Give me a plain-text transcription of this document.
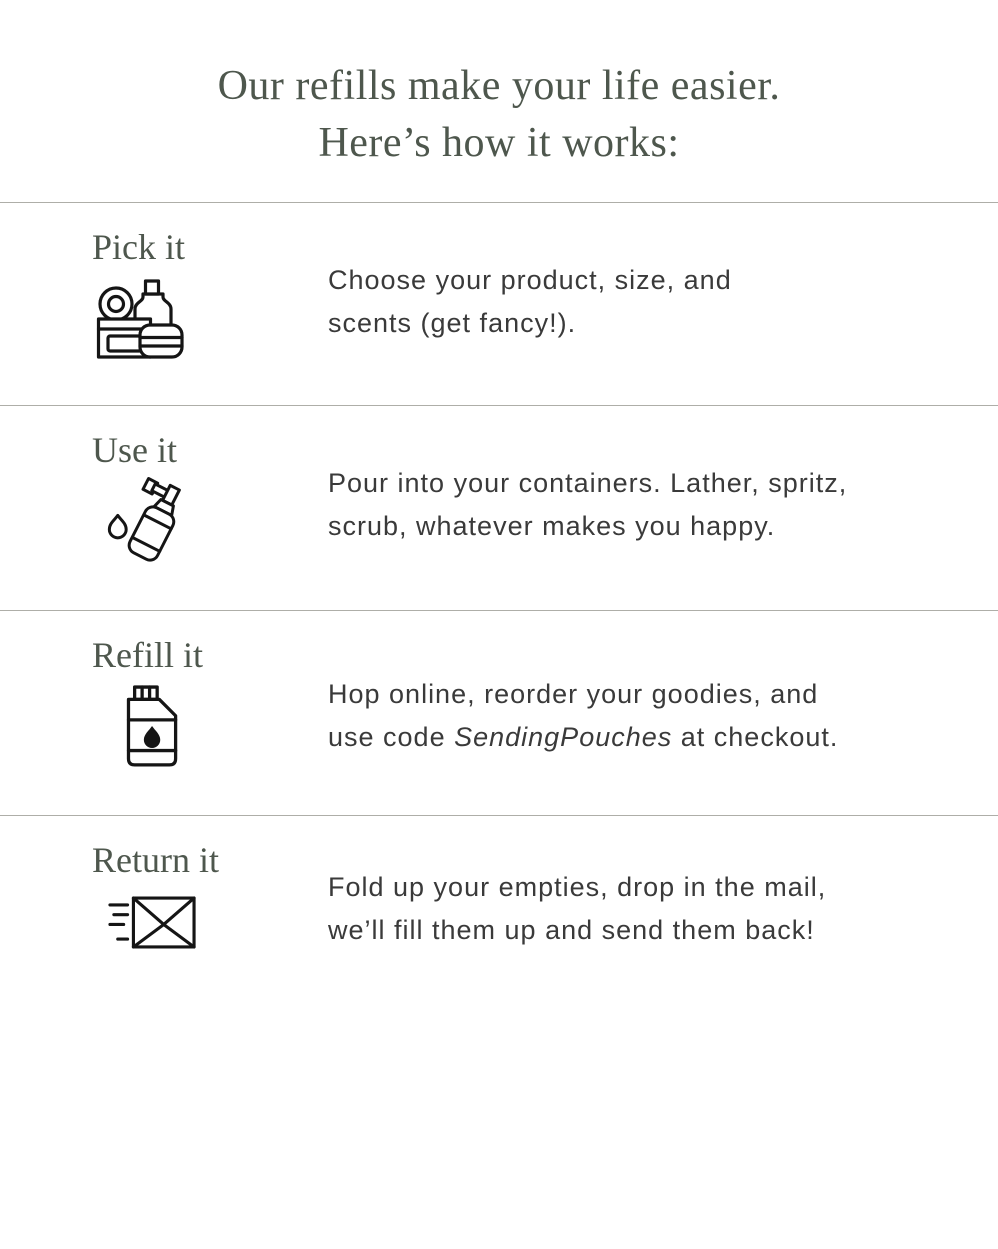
Our refills make your life easier.
Here’s how it works:
Pick it
Choose your product, size, and
scents (get fancy!).
Use it
Pour into your containers. Lather, spritz,
scrub, whatever makes you happy.
Refill it
Hop online, reorder your goodies, and
use code SendingPouches at checkout.
Return it
Fold up your empties, drop in the mail,
we’ll fill them up and send them back!
